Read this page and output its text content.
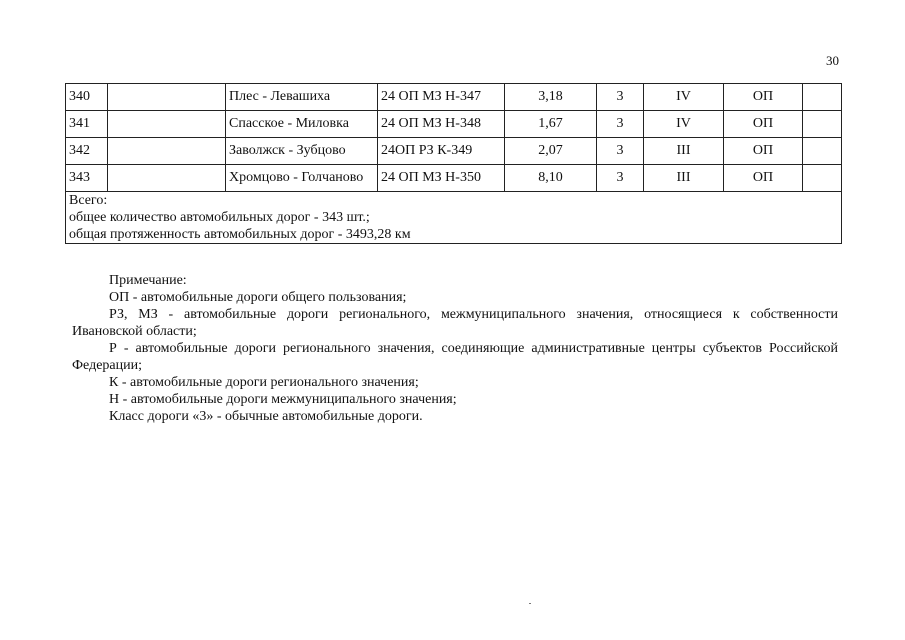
30
340		Плес - Левашиха	24 ОП МЗ Н-347	3,18	3	IV	ОП	
341		Спасское - Миловка	24 ОП МЗ Н-348	1,67	3	IV	ОП	
342		Заволжск - Зубцово	24ОП РЗ К-349	2,07	3	III	ОП	
343		Хромцово - Голчаново	24 ОП МЗ Н-350	8,10	3	III	ОП	

Всего:
общее количество автомобильных дорог - 343 шт.;
общая протяженность автомобильных дорог - 3493,28 км								

Примечание:

ОП - автомобильные дороги общего пользования;

РЗ, МЗ - автомобильные дороги регионального, межмуниципального значения, относящиеся к собственности Ивановской области;

Р - автомобильные дороги регионального значения, соединяющие административные центры субъектов Российской Федерации;

К - автомобильные дороги регионального значения;

Н - автомобильные дороги межмуниципального значения;

Класс дороги «3» - обычные автомобильные дороги.
